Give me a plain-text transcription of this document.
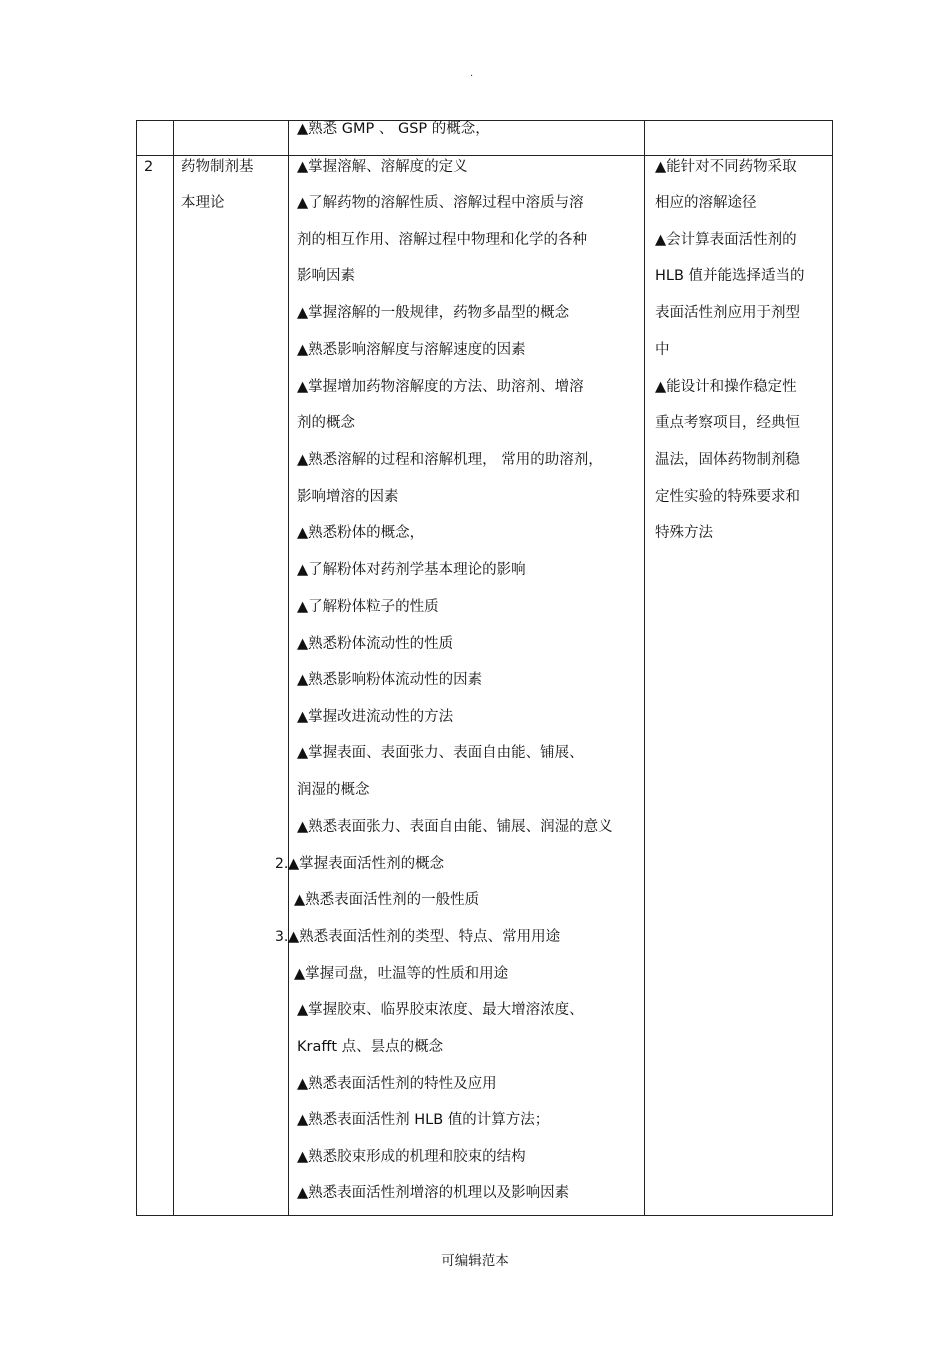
.
▲熟悉 GMP 、 GSP 的概念，
2 药物制剂基
本理论
▲掌握溶解、溶解度的定义
▲了解药物的溶解性质、溶解过程中溶质与溶
剂的相互作用、溶解过程中物理和化学的各种
影响因素
▲掌握溶解的一般规律，药物多晶型的概念
▲熟悉影响溶解度与溶解速度的因素
▲掌握增加药物溶解度的方法、助溶剂、增溶
剂的概念
▲熟悉溶解的过程和溶解机理， 常用的助溶剂，
影响增溶的因素
▲熟悉粉体的概念，
▲了解粉体对药剂学基本理论的影响
▲了解粉体粒子的性质
▲熟悉粉体流动性的性质
▲熟悉影响粉体流动性的因素
▲掌握改进流动性的方法
▲掌握表面、表面张力、表面自由能、铺展、
润湿的概念
▲熟悉表面张力、表面自由能、铺展、润湿的意义
▲掌握表面活性剂的概念
▲熟悉表面活性剂的一般性质
▲熟悉表面活性剂的类型、特点、常用用途
▲掌握司盘，吐温等的性质和用途
▲掌握胶束、临界胶束浓度、最大增溶浓度、
Krafft 点、昙点的概念
▲熟悉表面活性剂的特性及应用
▲熟悉表面活性剂 HLB 值的计算方法；
▲熟悉胶束形成的机理和胶束的结构
▲熟悉表面活性剂增溶的机理以及影响因素
2.
3.
▲能针对不同药物采取
相应的溶解途径
▲会计算表面活性剂的
HLB 值并能选择适当的
表面活性剂应用于剂型
中
▲能设计和操作稳定性
重点考察项目，经典恒
温法，固体药物制剂稳
定性实验的特殊要求和
特殊方法
可编辑范本
